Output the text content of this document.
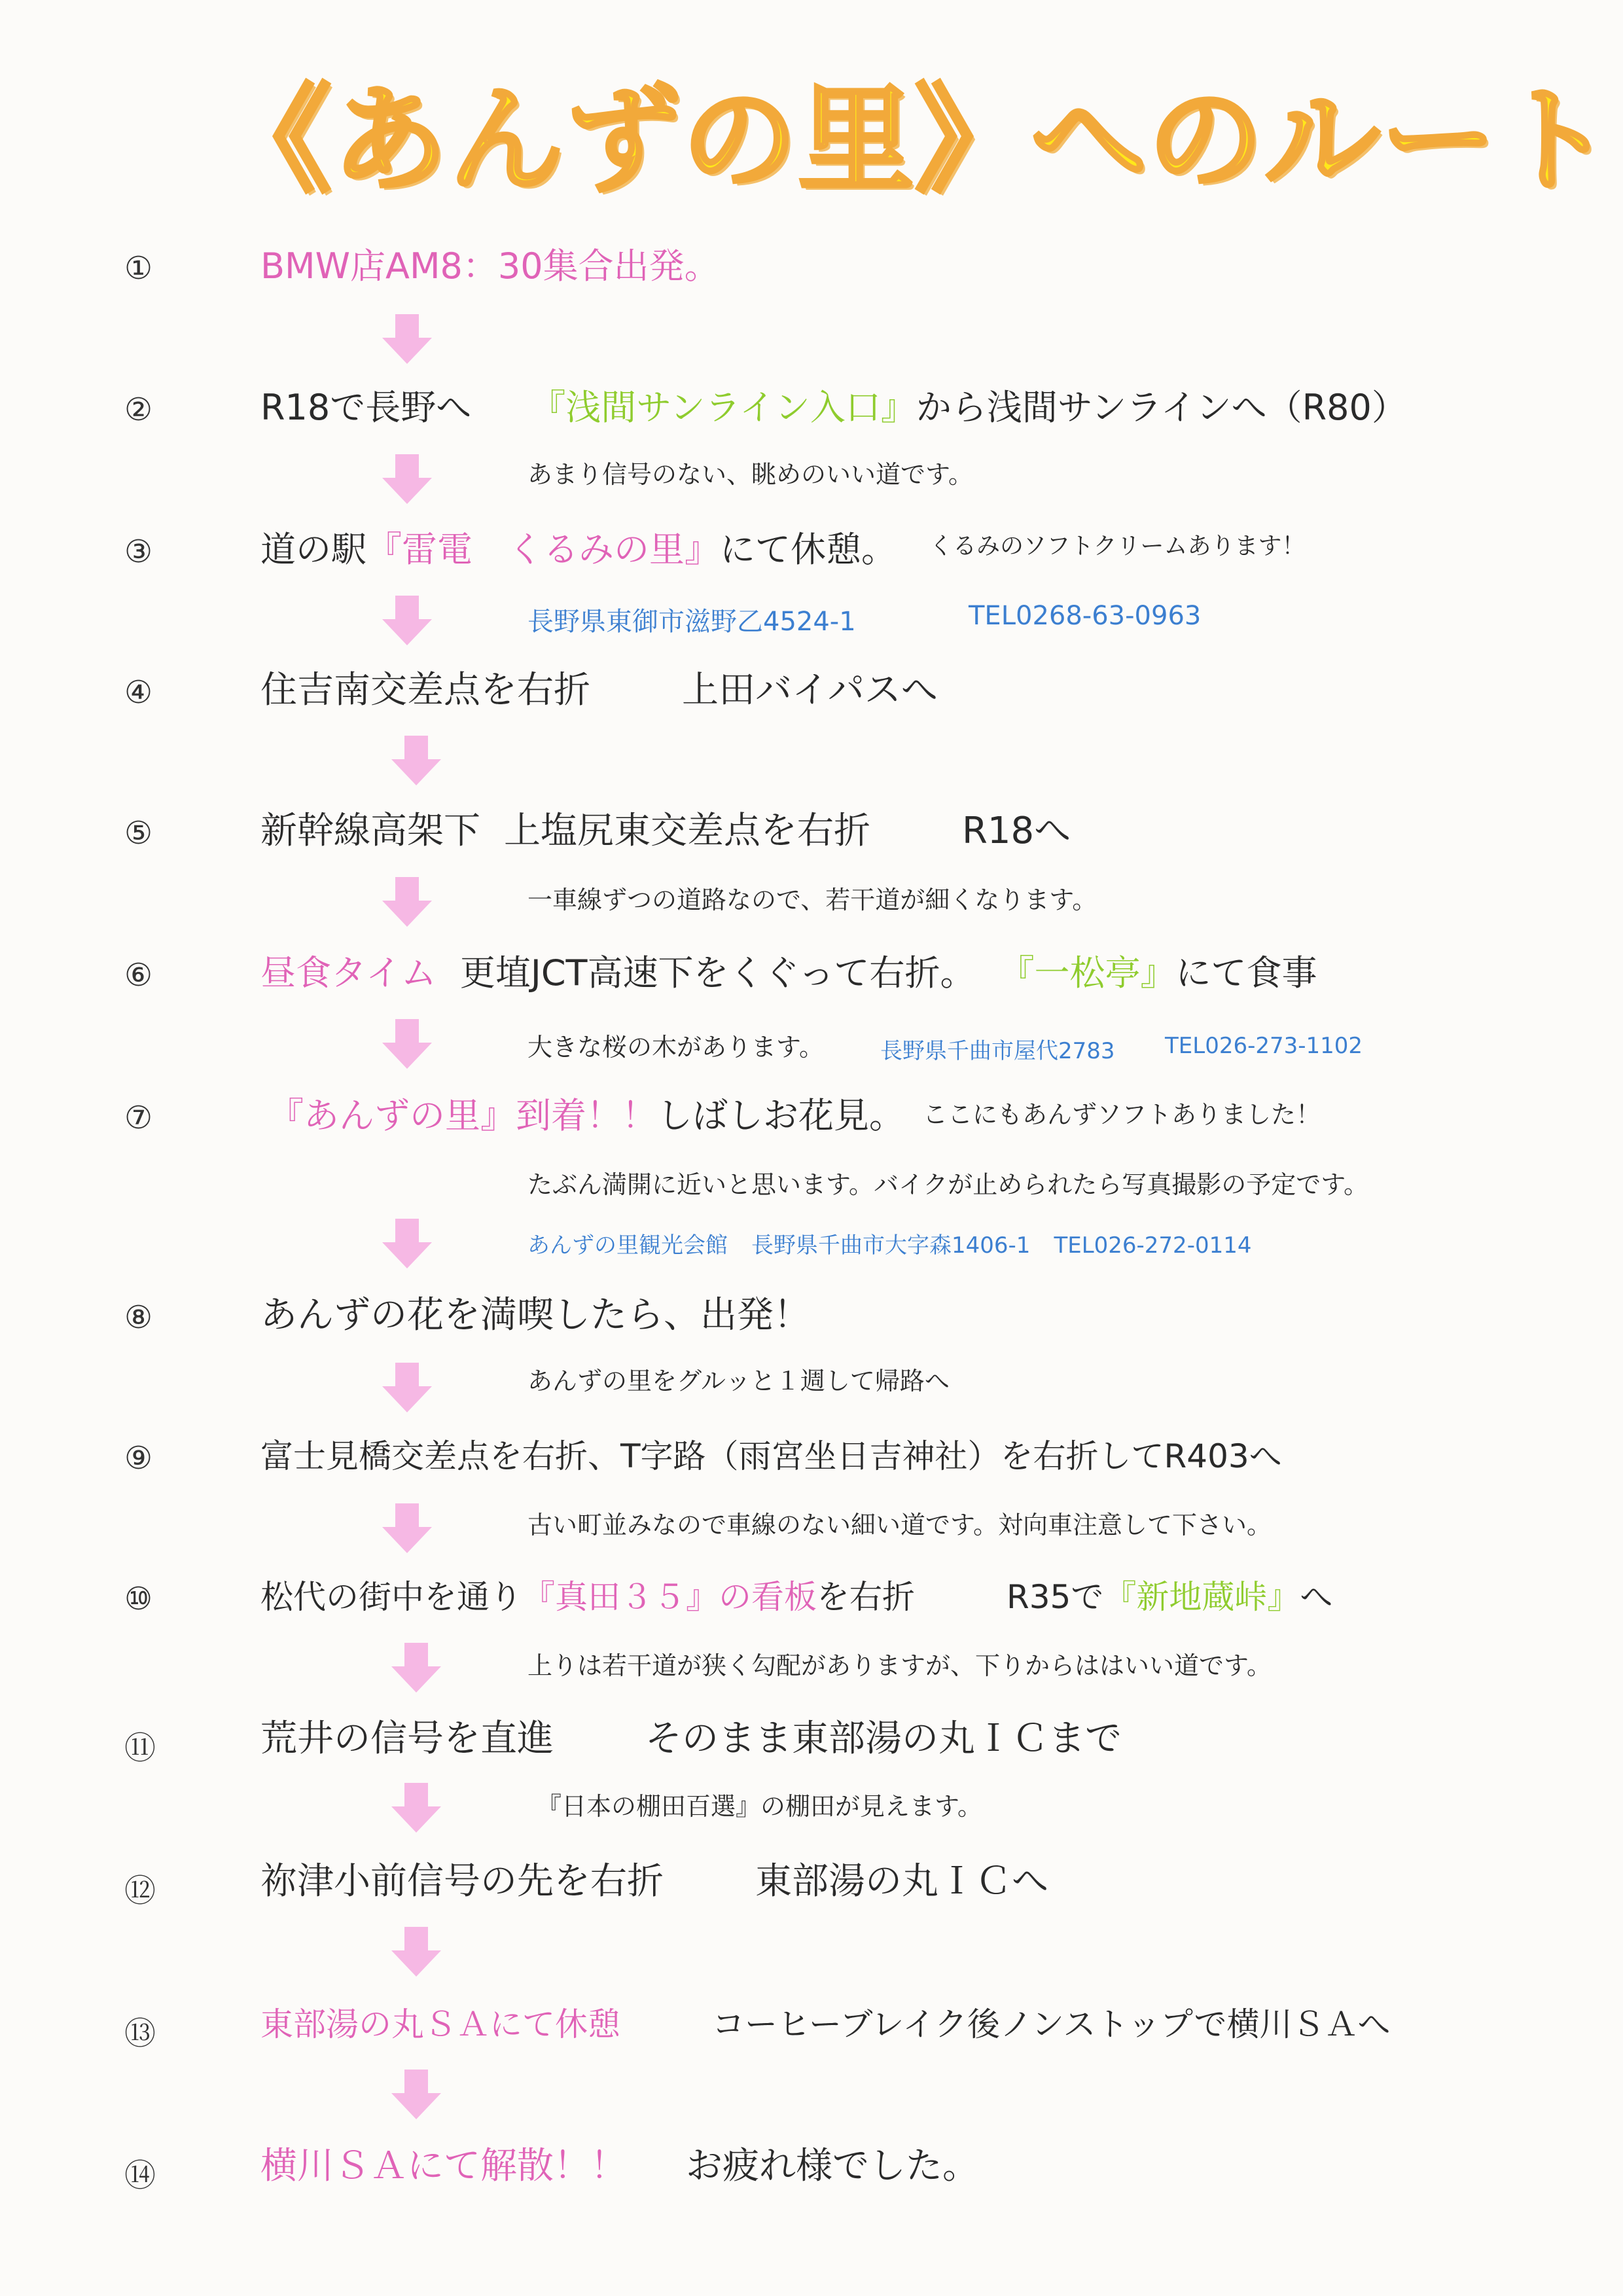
《あんずの里》へのルート
①	BMW店AM8：30集合出発。
②	R18で長野へ 『浅間サンライン入口』から浅間サンラインへ（R80）
あまり信号のない、眺めのいい道です。
③	道の駅『雷電　くるみの里』にて休憩。 くるみのソフトクリームあります！
長野県東御市滋野乙4524-1	TEL0268-63-0963
④	住吉南交差点を右折	上田バイパスへ
⑤	新幹線高架下 上塩尻東交差点を右折	R18へ
一車線ずつの道路なので、若干道が細くなります。
⑥	昼食タイム 更埴JCT高速下をくぐって右折。 『一松亭』にて食事
大きな桜の木があります。	長野県千曲市屋代2783 TEL026-273-1102
⑦	『あんずの里』到着！！しばしお花見。 ここにもあんずソフトありました！
たぶん満開に近いと思います。バイクが止められたら写真撮影の予定です。
あんずの里観光会館 長野県千曲市大字森1406-1 TEL026-272-0114
⑧	あんずの花を満喫したら、出発！
あんずの里をグルッと１週して帰路へ
⑨	富士見橋交差点を右折、T字路（雨宮坐日吉神社）を右折してR403へ
古い町並みなので車線のない細い道です。対向車注意して下さい。
⑩	松代の街中を通り『真田３５』の看板を右折	R35で『新地蔵峠』へ
上りは若干道が狭く勾配がありますが、下りからははいい道です。
⑪	荒井の信号を直進	そのまま東部湯の丸ＩＣまで
『日本の棚田百選』の棚田が見えます。
⑫	祢津小前信号の先を右折	東部湯の丸ＩＣへ
⑬	東部湯の丸ＳＡにて休憩	コーヒーブレイク後ノンストップで横川ＳＡへ
⑭	横川ＳＡにて解散！！ お疲れ様でした。
